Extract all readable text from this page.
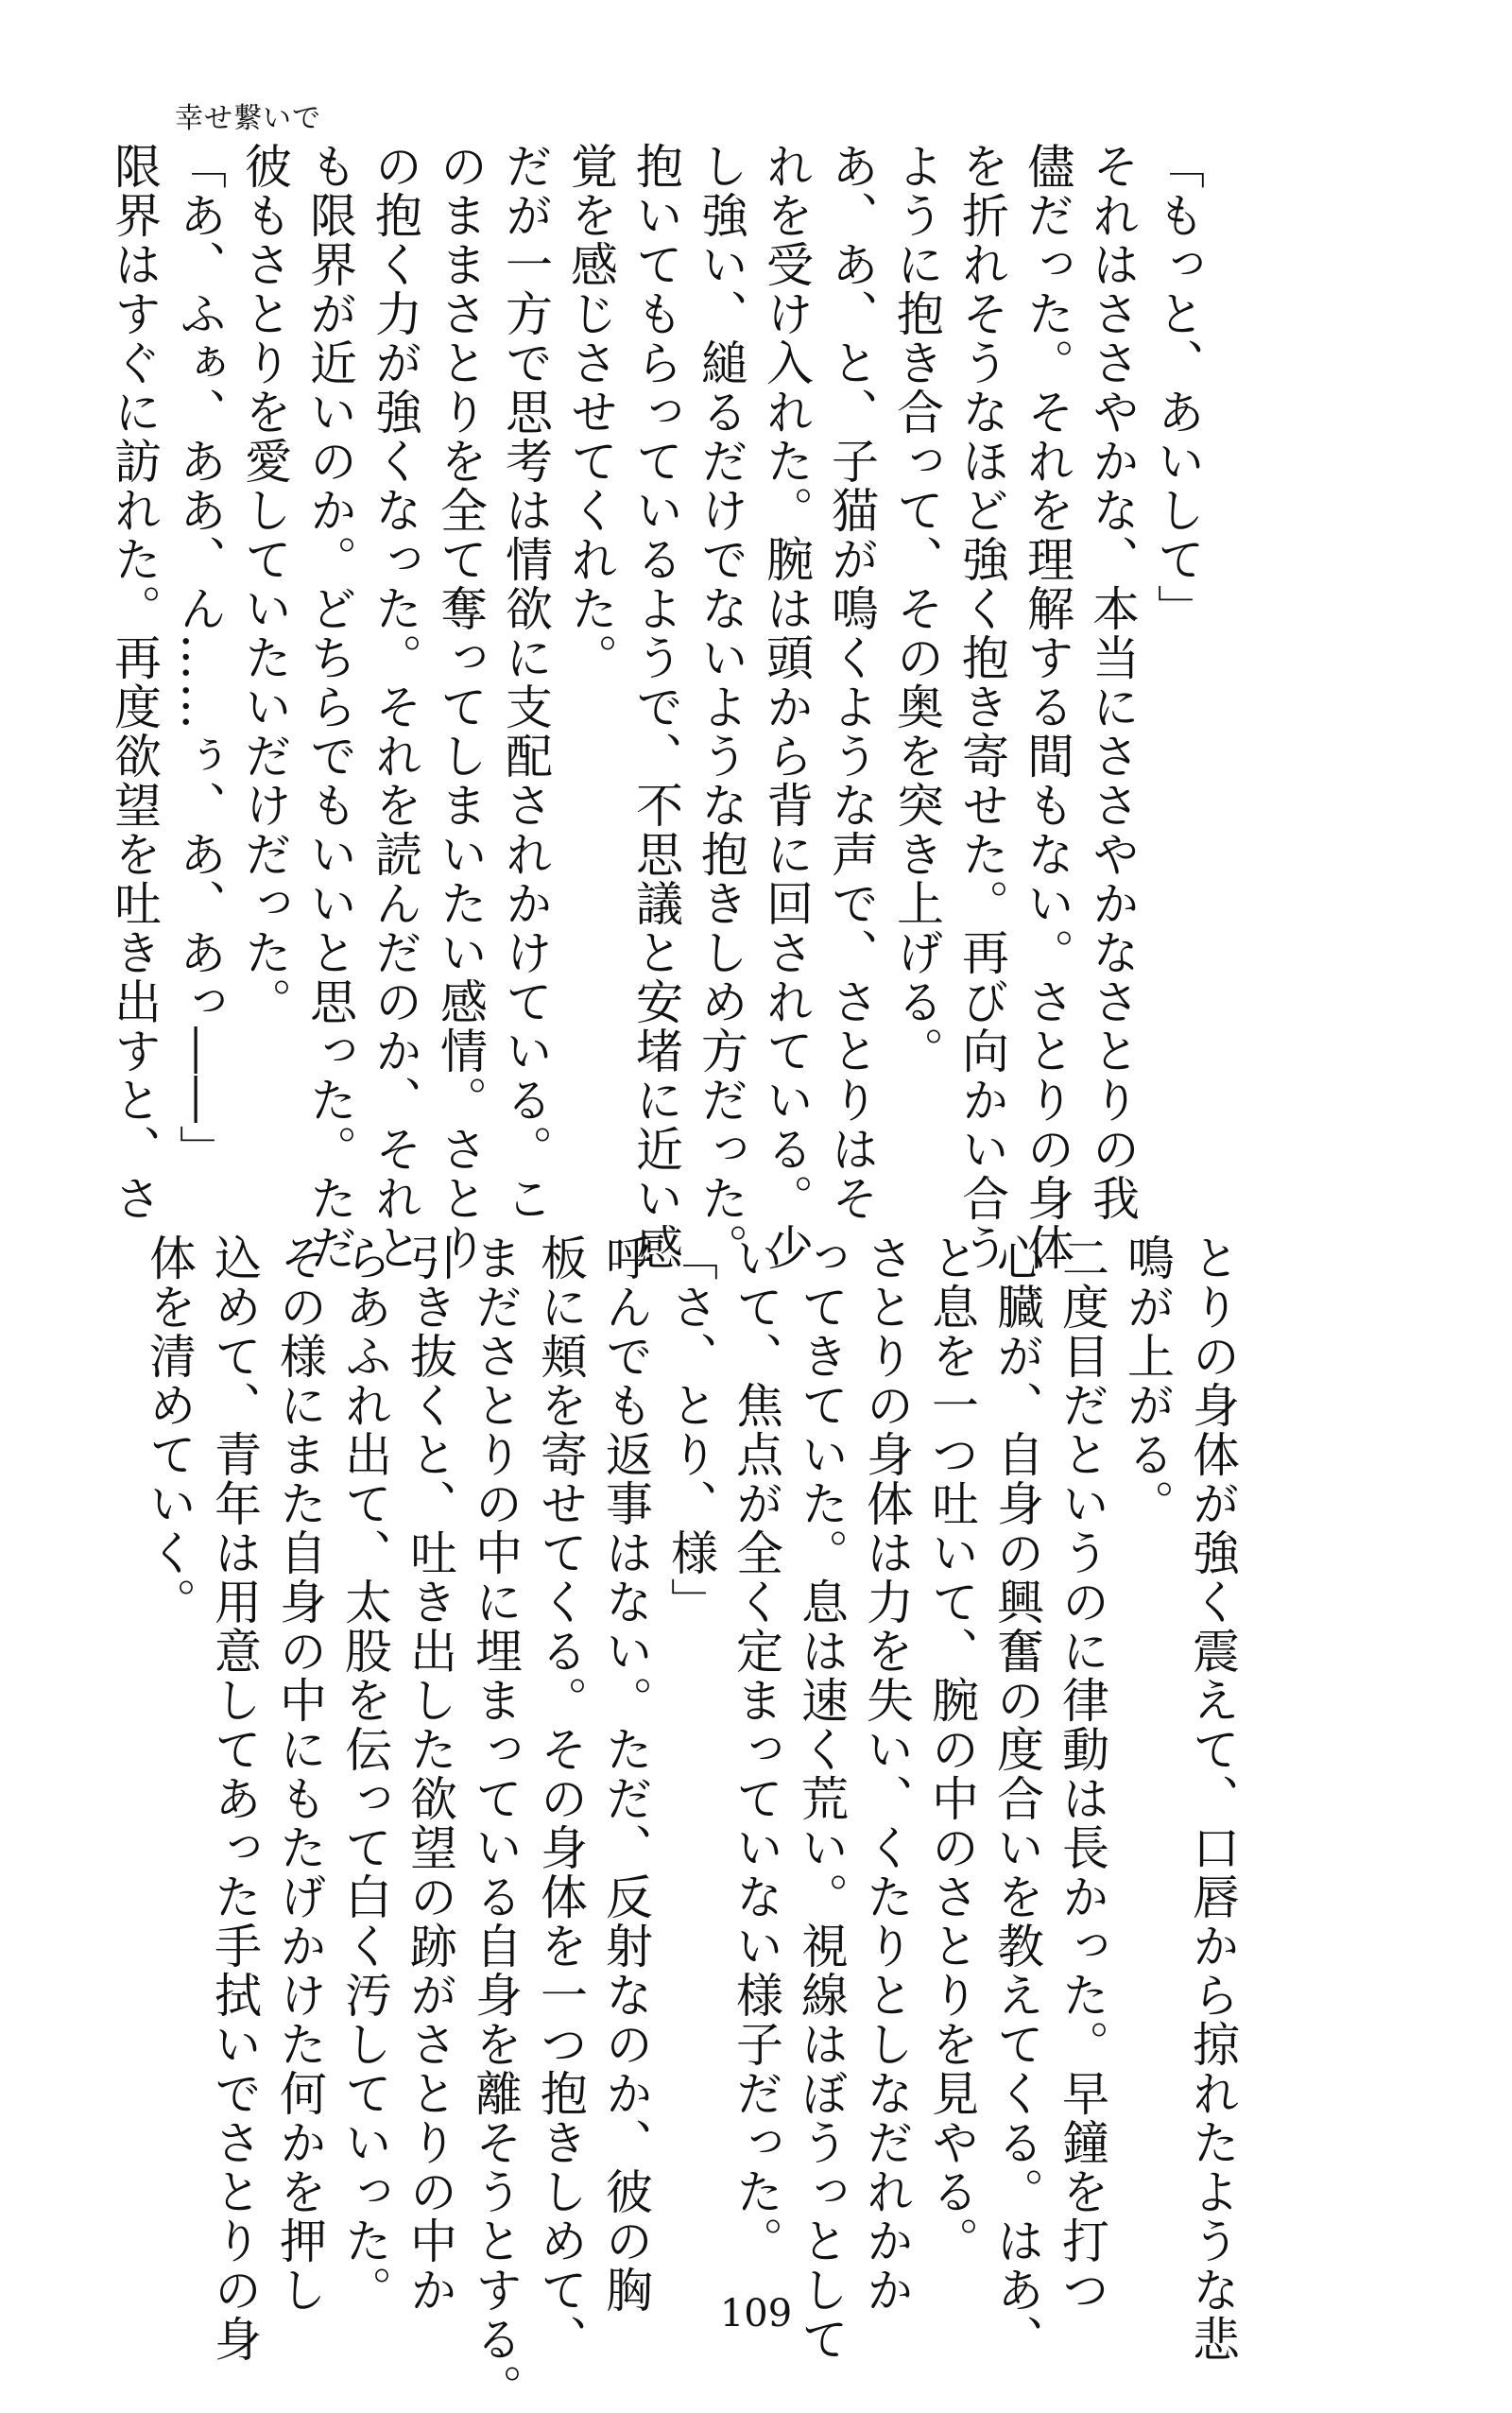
幸せ繋いで
「もっと、あいして」
それはささやかな、本当にささやかなさとりの我
儘だった。それを理解する間もない。さとりの身体
を折れそうなほど強く抱き寄せた。再び向かい合う
ように抱き合って、その奥を突き上げる。
あ、あ、と、子猫が鳴くような声で、さとりはそ
れを受け入れた。腕は頭から背に回されている。少
し強い、縋るだけでないような抱きしめ方だった。
抱いてもらっているようで、不思議と安堵に近い感
覚を感じさせてくれた。
だが一方で思考は情欲に支配されかけている。こ
のままさとりを全て奪ってしまいたい感情。さとり
の抱く力が強くなった。それを読んだのか、それと
も限界が近いのか。どちらでもいいと思った。ただ
彼もさとりを愛していたいだけだった。
「あ、ふぁ、ああ、ん……ぅ、あ、あっ――」
限界はすぐに訪れた。再度欲望を吐き出すと、さ
とりの身体が強く震えて、口唇から掠れたような悲
鳴が上がる。
二度目だというのに律動は長かった。早鐘を打つ
心臓が、自身の興奮の度合いを教えてくる。はあ、
と息を一つ吐いて、腕の中のさとりを見やる。
さとりの身体は力を失い、くたりとしなだれかか
ってきていた。息は速く荒い。視線はぼうっとして
いて、焦点が全く定まっていない様子だった。
「さ、とり、様」
呼んでも返事はない。ただ、反射なのか、彼の胸
板に頬を寄せてくる。その身体を一つ抱きしめて、
まださとりの中に埋まっている自身を離そうとする。
引き抜くと、吐き出した欲望の跡がさとりの中か
らあふれ出て、太股を伝って白く汚していった。
その様にまた自身の中にもたげかけた何かを押し
込めて、青年は用意してあった手拭いでさとりの身
体を清めていく。
109
